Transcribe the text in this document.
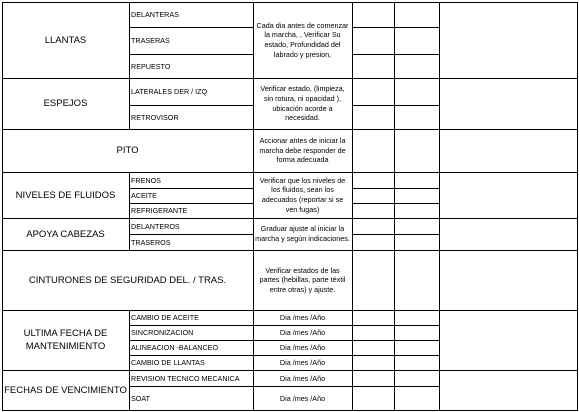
LLANTAS
DELANTERAS
TRASERAS
REPUESTO
Cada dia antes de comenzar la marcha, , Verificar Su estado, Profundidad del labrado y presion,
ESPEJOS
LATERALES DER / IZQ
RETROVISOR
Verificar estado, (limpieza, sin rotura, ni opacidad ), ubicación acorde a necesidad.
PITO
Accionar antes de iniciar la marcha debe responder de forma adecuada
NIVELES DE FLUIDOS
FRENOS
ACEITE
REFRIGERANTE
Verificar que los niveles de los fluidos, sean los adecuados (reportar si se ven fugas)
APOYA CABEZAS
DELANTEROS
TRASEROS
Graduar ajuste al iniciar la marcha y según indicaciones.
CINTURONES DE SEGURIDAD DEL. / TRAS.
Verificar estados de las partes (hebillas, parte téxtil entre otras) y ajuste.
ULTIMA FECHA DE MANTENIMIENTO
CAMBIO DE ACEITE
SINCRONIZACION
ALINEACION -BALANCEO
CAMBIO DE LLANTAS
Dia /mes /Año
Dia /mes /Año
Dia /mes /Año
Dia /mes /Año
FECHAS DE VENCIMIENTO
REVISION TECNICO MECANICA
SOAT
Dia /mes /Año
Dia /mes /Año
